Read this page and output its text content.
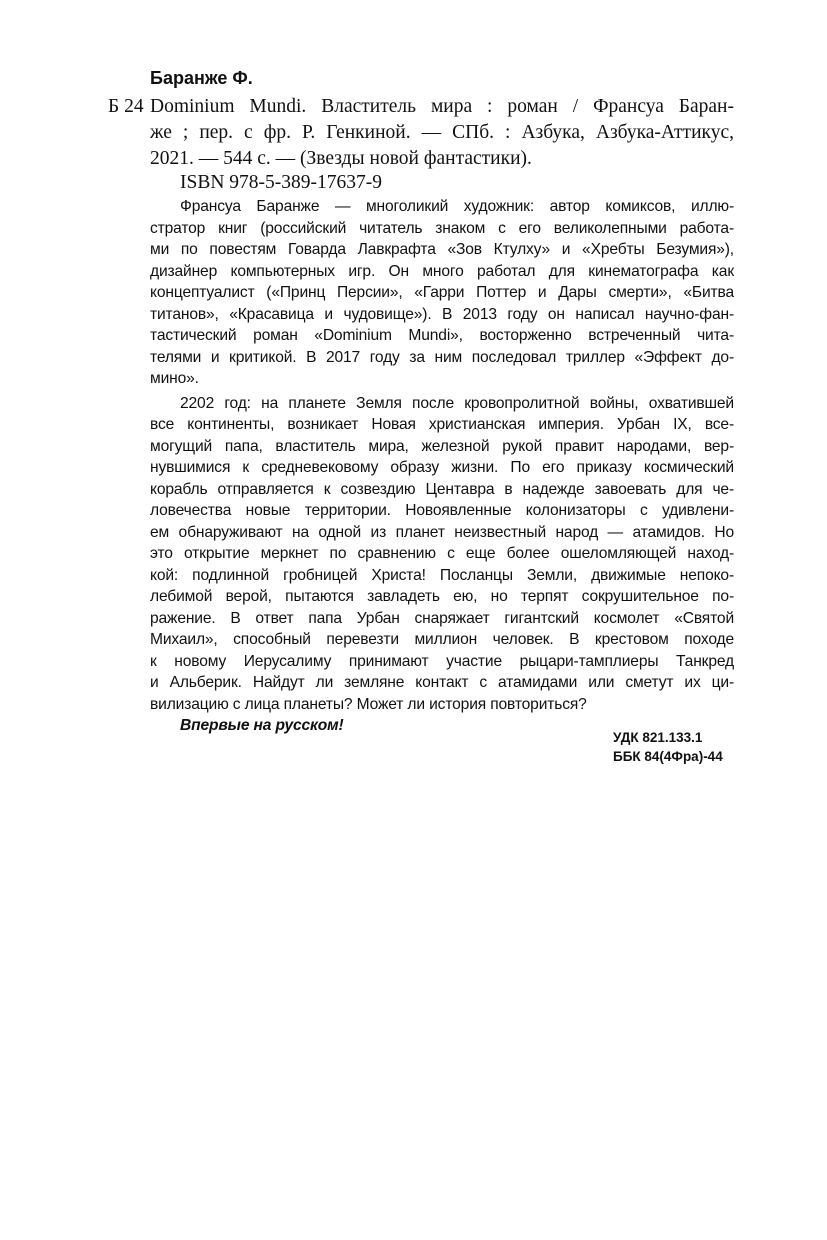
Баранже Ф.
Б 24 Dominium Mundi. Властитель мира : роман / Франсуа Баран-
же ; пер. с фр. Р. Генкиной. — СПб. : Азбука, Азбука-Аттикус,
2021. — 544 с. — (Звезды новой фантастики).
ISBN 978-5-389-17637-9
Франсуа Баранже — многоликий художник: автор комиксов, иллю-
стратор книг (российский читатель знаком с его великолепными работа-
ми по повестям Говарда Лавкрафта «Зов Ктулху» и «Хребты Безумия»),
дизайнер компьютерных игр. Он много работал для кинематографа как
концептуалист («Принц Персии», «Гарри Поттер и Дары смерти», «Битва
титанов», «Красавица и чудовище»). В 2013 году он написал научно-фан-
тастический роман «Dominium Mundi», восторженно встреченный чита-
телями и критикой. В 2017 году за ним последовал триллер «Эффект до-
мино».
2202 год: на планете Земля после кровопролитной войны, охватившей
все континенты, возникает Новая христианская империя. Урбан IX, все-
могущий папа, властитель мира, железной рукой правит народами, вер-
нувшимися к средневековому образу жизни. По его приказу космический
корабль отправляется к созвездию Центавра в надежде завоевать для че-
ловечества новые территории. Новоявленные колонизаторы с удивлени-
ем обнаруживают на одной из планет неизвестный народ — атамидов. Но
это открытие меркнет по сравнению с еще более ошеломляющей наход-
кой: подлинной гробницей Христа! Посланцы Земли, движимые непоко-
лебимой верой, пытаются завладеть ею, но терпят сокрушительное по-
ражение. В ответ папа Урбан снаряжает гигантский космолет «Святой
Михаил», способный перевезти миллион человек. В крестовом походе
к новому Иерусалиму принимают участие рыцари-тамплиеры Танкред
и Альберик. Найдут ли земляне контакт с атамидами или сметут их ци-
вилизацию с лица планеты? Может ли история повториться?
Впервые на русском!
УДК 821.133.1
ББК 84(4Фра)-44
